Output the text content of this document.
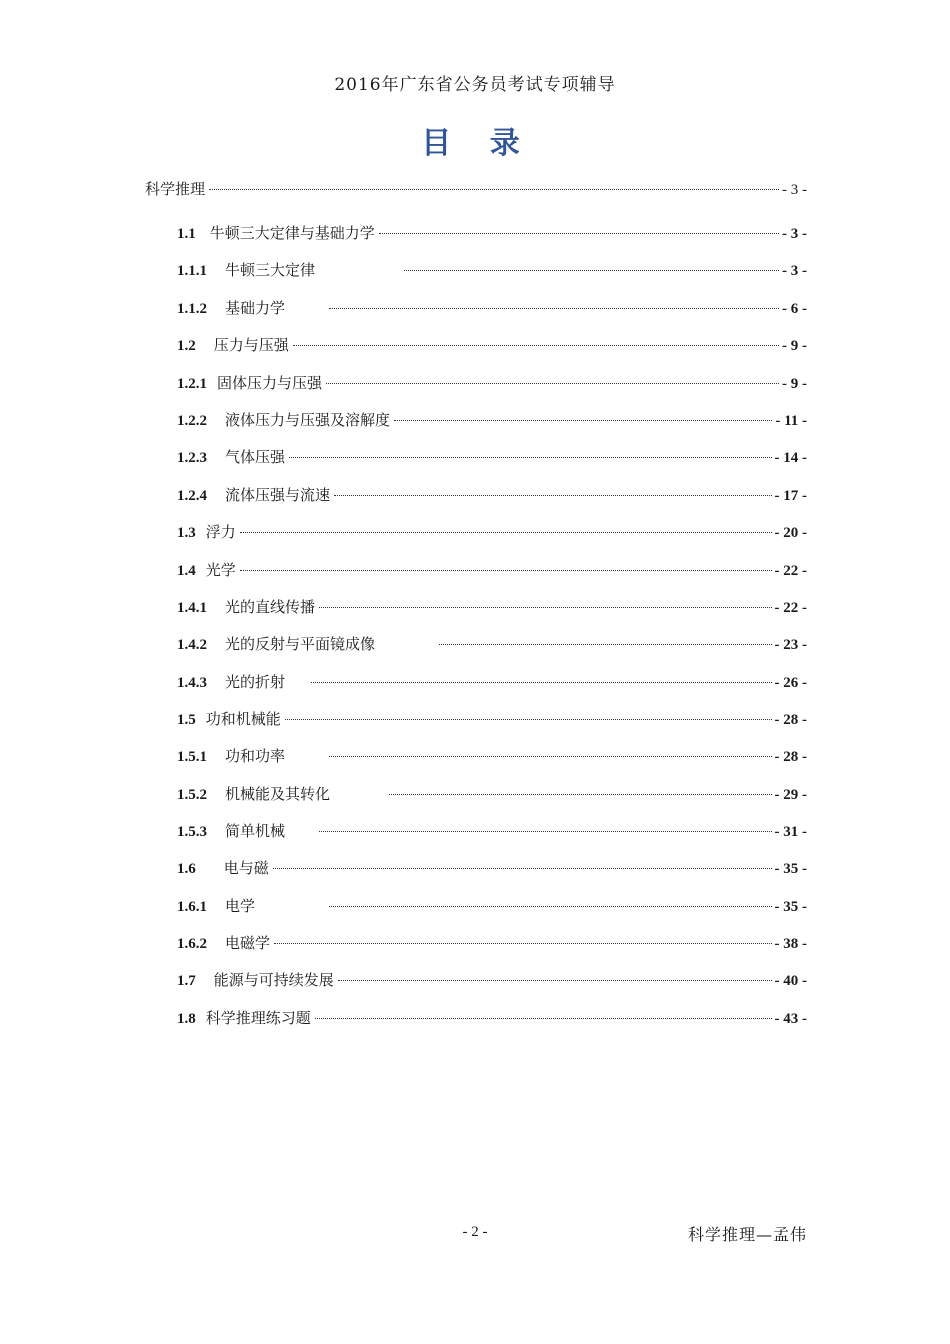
2016年广东省公务员考试专项辅导
目 录
科学推理	- 3 -
1.1 牛顿三大定律与基础力学	- 3 -
1.1.1 牛顿三大定律	- 3 -
1.1.2 基础力学	- 6 -
1.2 压力与压强	- 9 -
1.2.1 固体压力与压强	- 9 -
1.2.2 液体压力与压强及溶解度	- 11 -
1.2.3 气体压强	- 14 -
1.2.4 流体压强与流速	- 17 -
1.3 浮力	- 20 -
1.4 光学	- 22 -
1.4.1 光的直线传播	- 22 -
1.4.2 光的反射与平面镜成像	- 23 -
1.4.3 光的折射	- 26 -
1.5 功和机械能	- 28 -
1.5.1 功和功率	- 28 -
1.5.2 机械能及其转化	- 29 -
1.5.3 简单机械	- 31 -
1.6 电与磁	- 35 -
1.6.1 电学	- 35 -
1.6.2 电磁学	- 38 -
1.7 能源与可持续发展	- 40 -
1.8 科学推理练习题	- 43 -
- 2 -	科学推理—孟伟
